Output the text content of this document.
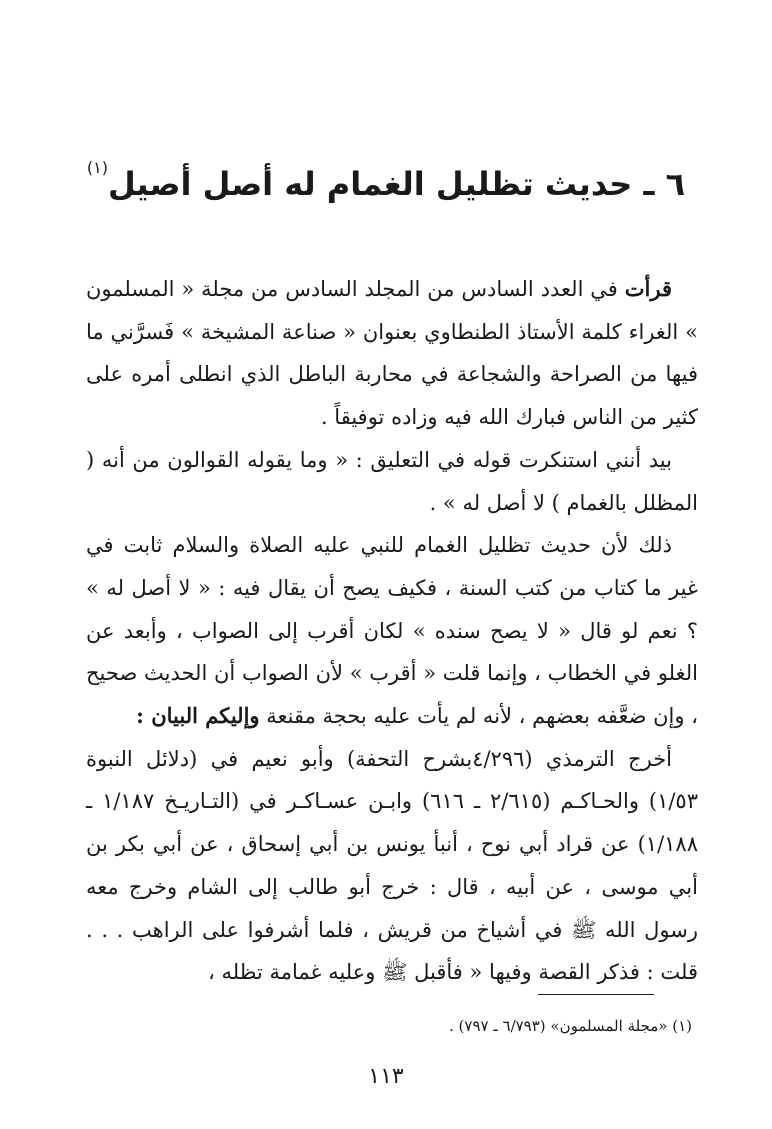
٦ ـ حديث تظليل الغمام له أصل أصيل$^{(١)}$

قرأت في العدد السادس من المجلد السادس من مجلة « المسلمون » الغراء كلمة الأستاذ الطنطاوي بعنوان « صناعة المشيخة » فَسرَّني ما فيها من الصراحة والشجاعة في محاربة الباطل الذي انطلى أمره على كثير من الناس فبارك الله فيه وزاده توفيقاً .

بيد أنني استنكرت قوله في التعليق : « وما يقوله القوالون من أنه ( المظلل بالغمام ) لا أصل له » .

ذلك لأن حديث تظليل الغمام للنبي عليه الصلاة والسلام ثابت في غير ما كتاب من كتب السنة ، فكيف يصح أن يقال فيه : « لا أصل له » ؟ نعم لو قال « لا يصح سنده » لكان أقرب إلى الصواب ، وأبعد عن الغلو في الخطاب ، وإنما قلت « أقرب » لأن الصواب أن الحديث صحيح ، وإن ضعَّفه بعضهم ، لأنه لم يأت عليه بحجة مقنعة وإليكم البيان :

أخرج الترمذي (٤/٢٩٦بشرح التحفة) وأبو نعيم في (دلائل النبوة ١/٥٣) والحـاكـم (٢/٦١٥ ـ ٦١٦) وابـن عسـاكـر في (التـاريـخ ١/١٨٧ ـ ١/١٨٨) عن قراد أبي نوح ، أنبأ يونس بن أبي إسحاق ، عن أبي بكر بن أبي موسى ، عن أبيه ، قال : خرج أبو طالب إلى الشام وخرج معه رسول الله ﷺ في أشياخ من قريش ، فلما أشرفوا على الراهب . . . قلت : فذكر القصة وفيها « فأقبل ﷺ وعليه غمامة تظله ،

(١) «مجلة المسلمون» (٦/٧٩٣ ـ ٧٩٧) .
١١٣
